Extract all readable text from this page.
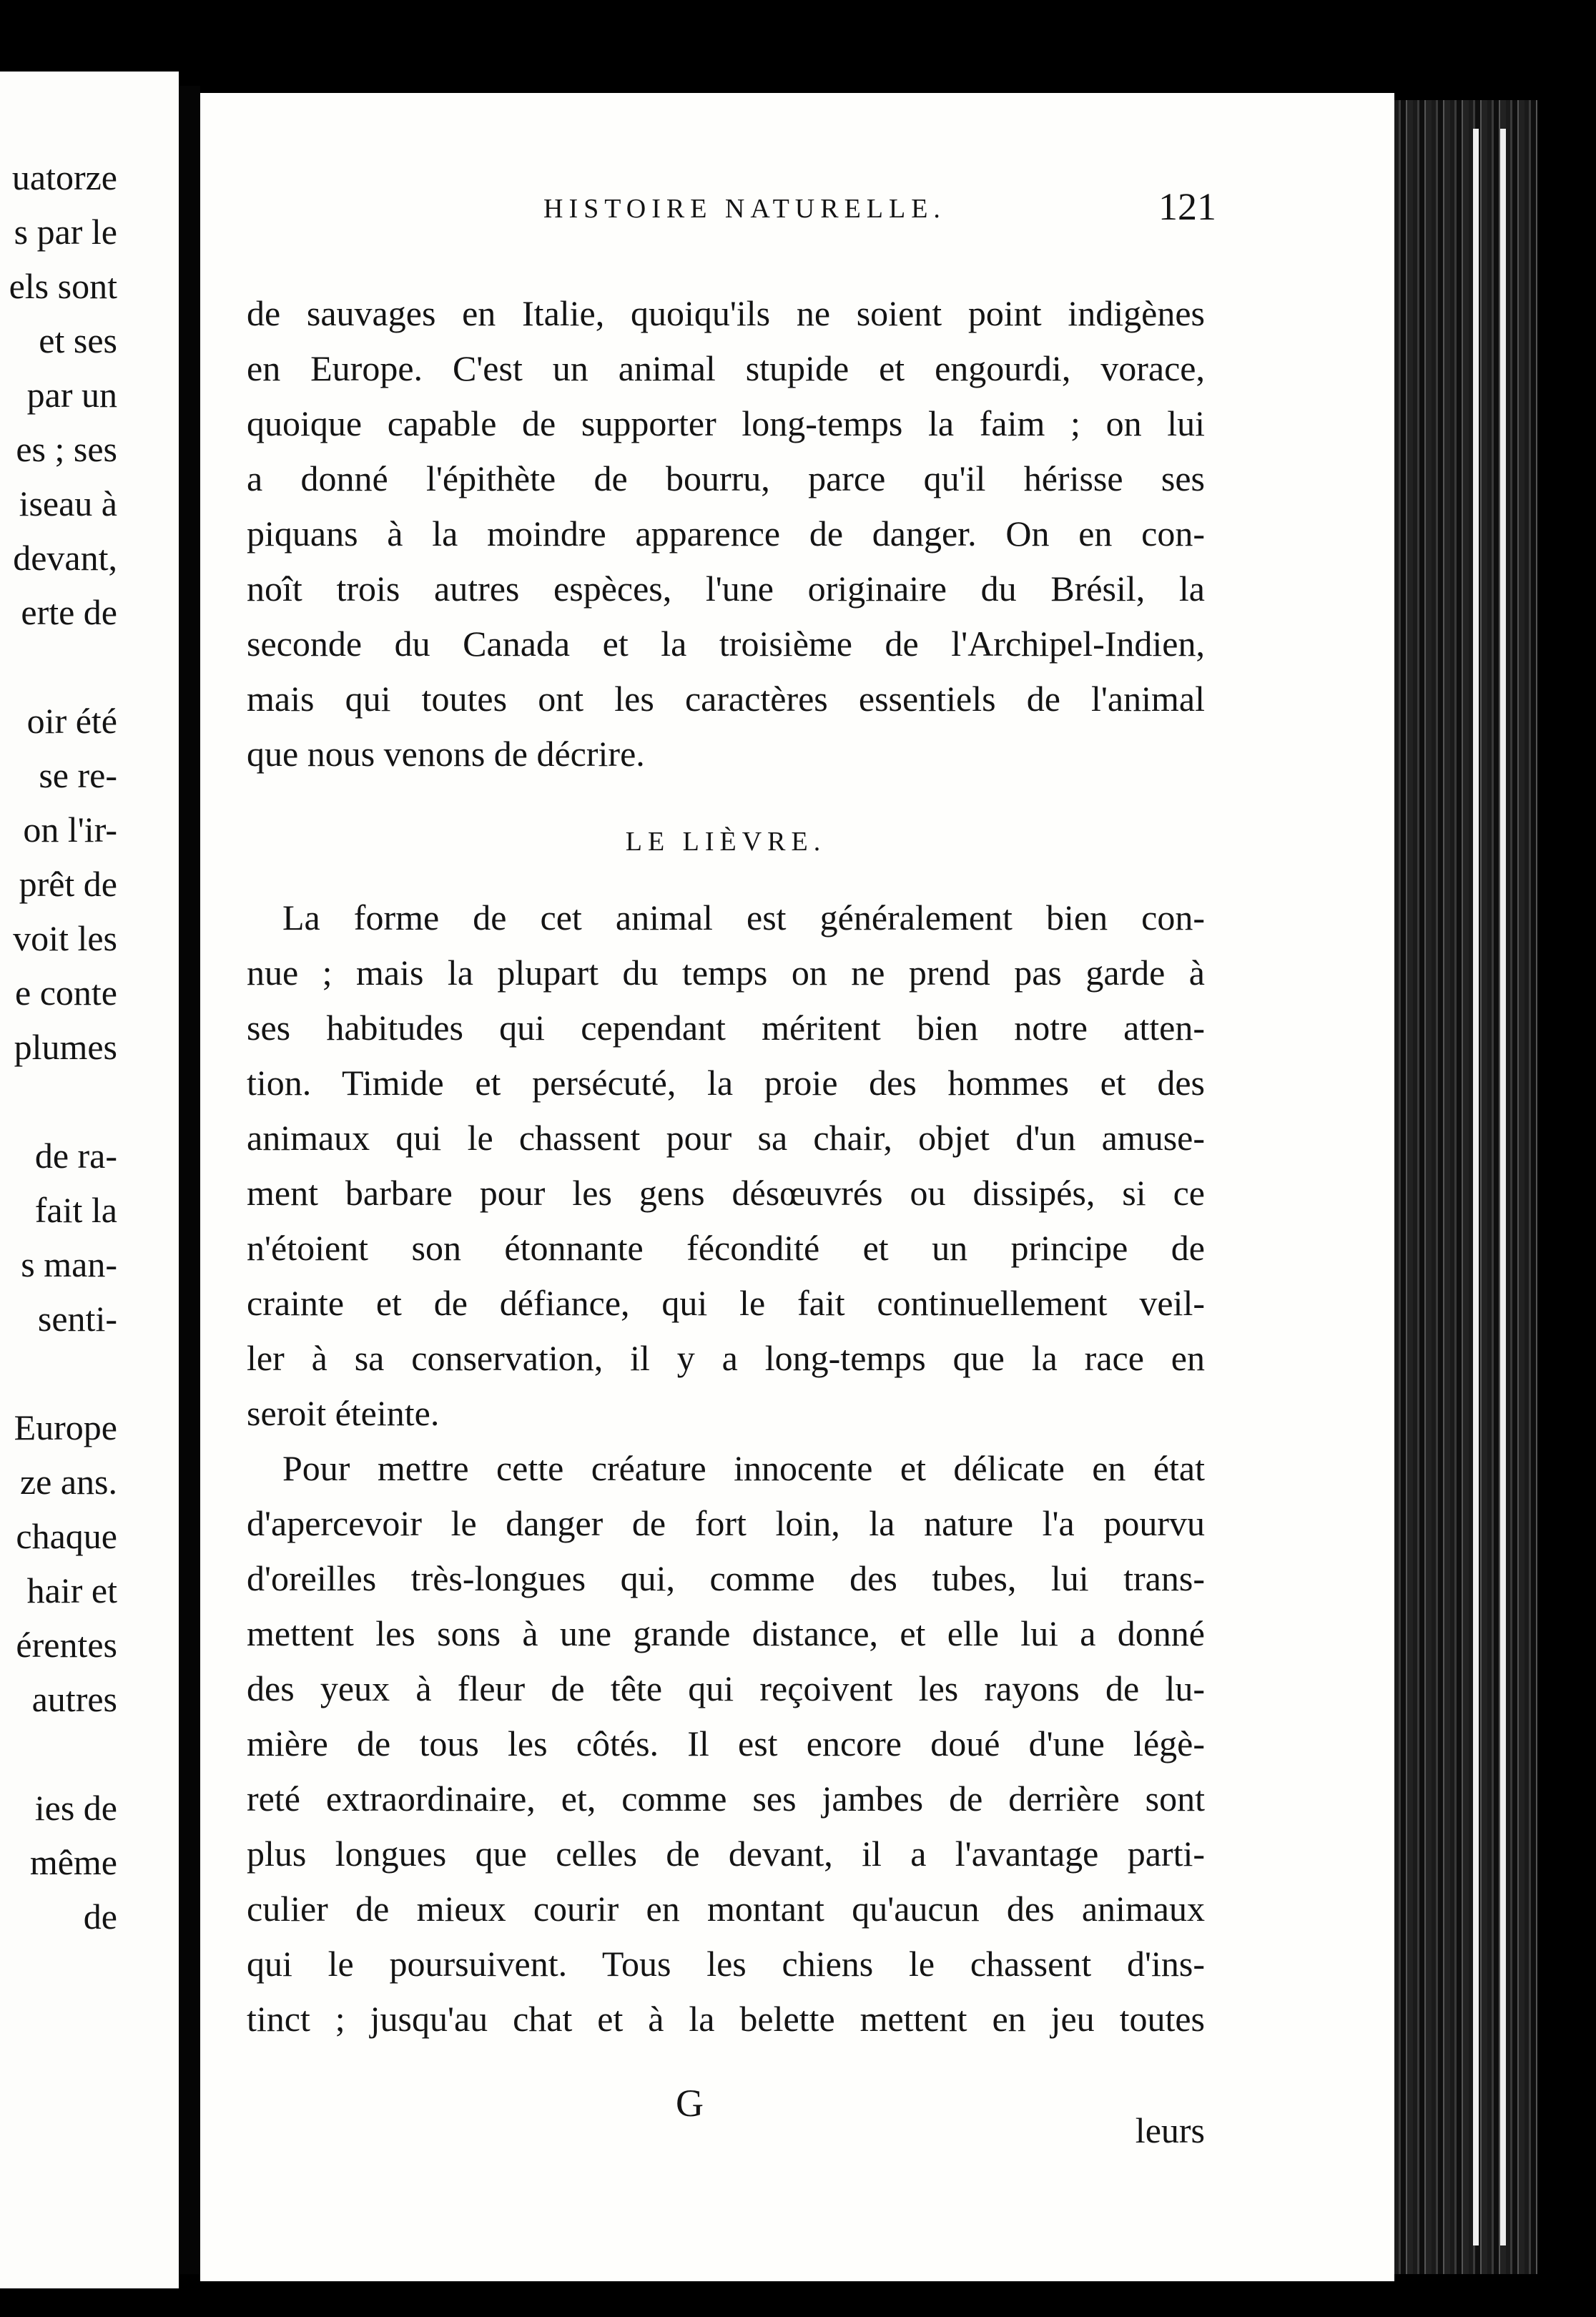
uatorze
s par le
els sont
et ses
par un
es ; ses
iseau à
devant,
erte de
oir été
se re-
on l'ir-
prêt de
voit les
e conte
plumes
de ra-
fait la
s man-
senti-
Europe
ze ans.
chaque
hair et
érentes
autres
ies de
même
de
HISTOIRE NATURELLE.	121
de sauvages en Italie, quoiqu'ils ne soient point indigènes
en Europe. C'est un animal stupide et engourdi, vorace,
quoique capable de supporter long-temps la faim ; on lui
a donné l'épithète de bourru, parce qu'il hérisse ses
piquans à la moindre apparence de danger. On en con-
noît trois autres espèces, l'une originaire du Brésil, la
seconde du Canada et la troisième de l'Archipel-Indien,
mais qui toutes ont les caractères essentiels de l'animal
que nous venons de décrire.
LE LIÈVRE.
La forme de cet animal est généralement bien con-
nue ; mais la plupart du temps on ne prend pas garde à
ses habitudes qui cependant méritent bien notre atten-
tion. Timide et persécuté, la proie des hommes et des
animaux qui le chassent pour sa chair, objet d'un amuse-
ment barbare pour les gens désœuvrés ou dissipés, si ce
n'étoient son étonnante fécondité et un principe de
crainte et de défiance, qui le fait continuellement veil-
ler à sa conservation, il y a long-temps que la race en
seroit éteinte.
Pour mettre cette créature innocente et délicate en état
d'apercevoir le danger de fort loin, la nature l'a pourvu
d'oreilles très-longues qui, comme des tubes, lui trans-
mettent les sons à une grande distance, et elle lui a donné
des yeux à fleur de tête qui reçoivent les rayons de lu-
mière de tous les côtés. Il est encore doué d'une légè-
reté extraordinaire, et, comme ses jambes de derrière sont
plus longues que celles de devant, il a l'avantage parti-
culier de mieux courir en montant qu'aucun des animaux
qui le poursuivent. Tous les chiens le chassent d'ins-
tinct ; jusqu'au chat et à la belette mettent en jeu toutes
G
leurs
